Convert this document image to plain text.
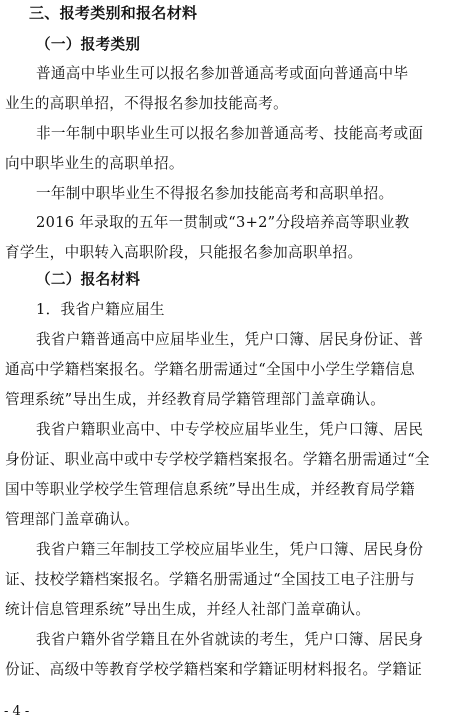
三、报考类别和报名材料
（一）报考类别
普通高中毕业生可以报名参加普通高考或面向普通高中毕
业生的高职单招，不得报名参加技能高考。
非一年制中职毕业生可以报名参加普通高考、技能高考或面
向中职毕业生的高职单招。
一年制中职毕业生不得报名参加技能高考和高职单招。
2016 年录取的五年一贯制或“3+2”分段培养高等职业教
育学生，中职转入高职阶段，只能报名参加高职单招。
（二）报名材料
1．我省户籍应届生
我省户籍普通高中应届毕业生，凭户口簿、居民身份证、普
通高中学籍档案报名。学籍名册需通过“全国中小学生学籍信息
管理系统”导出生成，并经教育局学籍管理部门盖章确认。
我省户籍职业高中、中专学校应届毕业生，凭户口簿、居民
身份证、职业高中或中专学校学籍档案报名。学籍名册需通过“全
国中等职业学校学生管理信息系统”导出生成，并经教育局学籍
管理部门盖章确认。
我省户籍三年制技工学校应届毕业生，凭户口簿、居民身份
证、技校学籍档案报名。学籍名册需通过“全国技工电子注册与
统计信息管理系统”导出生成，并经人社部门盖章确认。
我省户籍外省学籍且在外省就读的考生，凭户口簿、居民身
份证、高级中等教育学校学籍档案和学籍证明材料报名。学籍证
- 4 -
